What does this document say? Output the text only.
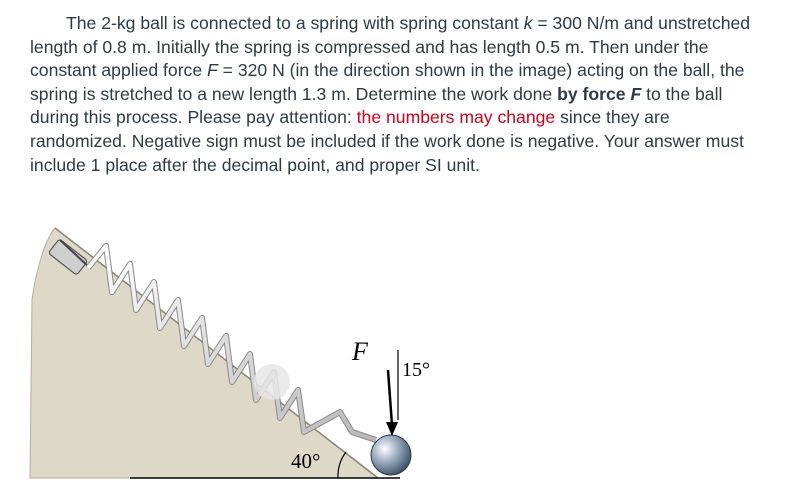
The 2-kg ball is connected to a spring with spring constant k = 300 N/m and unstretched length of 0.8 m. Initially the spring is compressed and has length 0.5 m. Then under the constant applied force F = 320 N (in the direction shown in the image) acting on the ball, the spring is stretched to a new length 1.3 m. Determine the work done by force F to the ball during this process. Please pay attention: the numbers may change since they are randomized. Negative sign must be included if the work done is negative. Your answer must include 1 place after the decimal point, and proper SI unit.
F
15°
40°
